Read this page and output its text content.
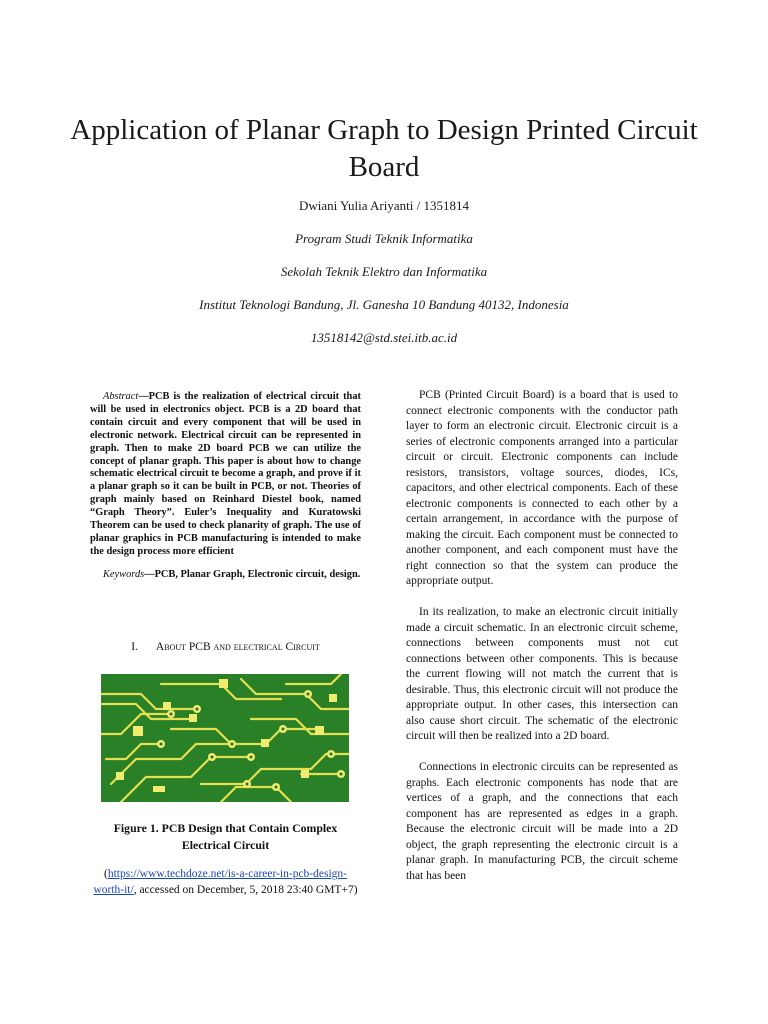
Application of Planar Graph to Design Printed Circuit Board
Dwiani Yulia Ariyanti / 1351814
Program Studi Teknik Informatika
Sekolah Teknik Elektro dan Informatika
Institut Teknologi Bandung, Jl. Ganesha 10 Bandung 40132, Indonesia
13518142@std.stei.itb.ac.id

Abstract—PCB is the realization of electrical circuit that will be used in electronics object. PCB is a 2D board that contain circuit and every component that will be used in electronic network. Electrical circuit can be represented in graph. Then to make 2D board PCB we can utilize the concept of planar graph. This paper is about how to change schematic electrical circuit te become a graph, and prove if it a planar graph so it can be built in PCB, or not. Theories of graph mainly based on Reinhard Diestel book, named “Graph Theory”. Euler’s Inequality and Kuratowski Theorem can be used to check planarity of graph. The use of planar graphics in PCB manufacturing is intended to make the design process more efficient

Keywords—PCB, Planar Graph, Electronic circuit, design.

I. About PCB and electrical Circuit
Figure 1. PCB Design that Contain Complex Electrical Circuit
(https://www.techdoze.net/is-a-career-in-pcb-design-worth-it/, accessed on December, 5, 2018 23:40 GMT+7)

PCB (Printed Circuit Board) is a board that is used to connect electronic components with the conductor path layer to form an electronic circuit. Electronic circuit is a series of electronic components arranged into a particular circuit or circuit. Electronic components can include resistors, transistors, voltage sources, diodes, ICs, capacitors, and other electrical components. Each of these electronic components is connected to each other by a certain arrangement, in accordance with the purpose of making the circuit. Each component must be connected to another component, and each component must have the right connection so that the system can produce the appropriate output.

In its realization, to make an electronic circuit initially made a circuit schematic. In an electronic circuit scheme, connections between components must not cut connections between other components. This is because the current flowing will not match the current that is desirable. Thus, this electronic circuit will not produce the appropriate output. In other cases, this intersection can also cause short circuit. The schematic of the electronic circuit will then be realized into a 2D board.

Connections in electronic circuits can be represented as graphs. Each electronic components has node that are vertices of a graph, and the connections that each component has are represented as edges in a graph. Because the electronic circuit will be made into a 2D object, the graph representing the electronic circuit is a planar graph. In manufacturing PCB, the circuit scheme that has been
